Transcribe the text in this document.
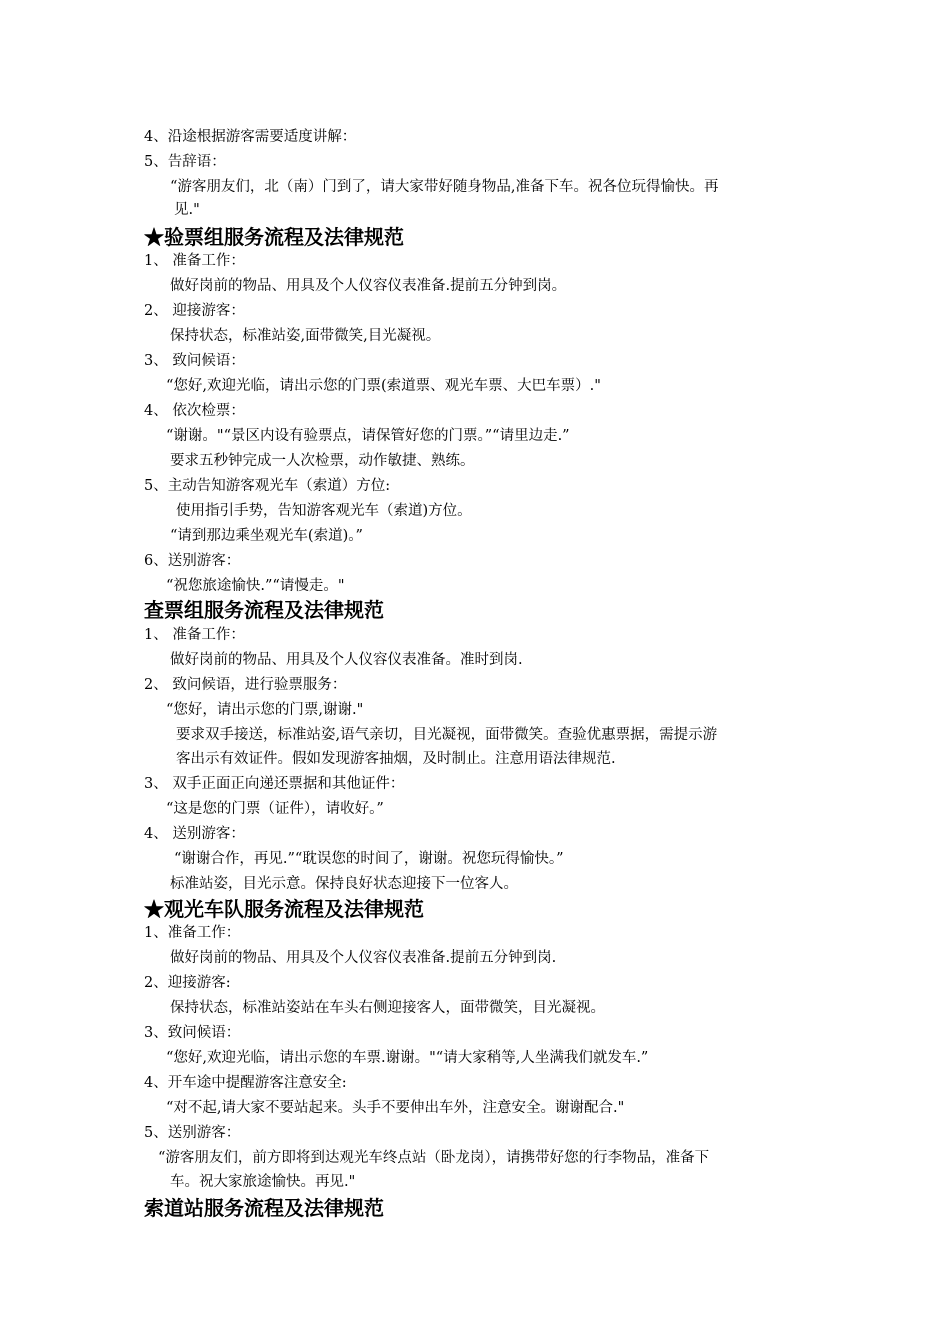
4、沿途根据游客需要适度讲解：
5、告辞语：
“游客朋友们，北（南）门到了，请大家带好随身物品,准备下车。祝各位玩得愉快。再
见."
★验票组服务流程及法律规范
1、 准备工作：
做好岗前的物品、用具及个人仪容仪表准备.提前五分钟到岗。
2、 迎接游客：
保持状态，标准站姿,面带微笑,目光凝视。
3、 致问候语：
“您好,欢迎光临，请出示您的门票(索道票、观光车票、大巴车票）."
4、 依次检票：
“谢谢。"“景区内设有验票点，请保管好您的门票。”“请里边走.”
要求五秒钟完成一人次检票，动作敏捷、熟练。
5、主动告知游客观光车（索道）方位:
使用指引手势，告知游客观光车（索道)方位。
“请到那边乘坐观光车(索道)。”
6、送别游客：
“祝您旅途愉快.”“请慢走。"
查票组服务流程及法律规范
1、 准备工作：
做好岗前的物品、用具及个人仪容仪表准备。准时到岗.
2、 致问候语，进行验票服务：
“您好，请出示您的门票,谢谢."
要求双手接送，标准站姿,语气亲切，目光凝视，面带微笑。查验优惠票据，需提示游
客出示有效证件。假如发现游客抽烟，及时制止。注意用语法律规范.
3、 双手正面正向递还票据和其他证件：
“这是您的门票（证件），请收好。”
4、 送别游客：
“谢谢合作，再见.”“耽误您的时间了，谢谢。祝您玩得愉快。”
标准站姿，目光示意。保持良好状态迎接下一位客人。
★观光车队服务流程及法律规范
1、准备工作：
做好岗前的物品、用具及个人仪容仪表准备.提前五分钟到岗.
2、迎接游客:
保持状态，标准站姿站在车头右侧迎接客人，面带微笑，目光凝视。
3、致问候语：
“您好,欢迎光临，请出示您的车票.谢谢。"“请大家稍等,人坐满我们就发车.”
4、开车途中提醒游客注意安全:
“对不起,请大家不要站起来。头手不要伸出车外，注意安全。谢谢配合."
5、送别游客：
“游客朋友们，前方即将到达观光车终点站（卧龙岗），请携带好您的行李物品，准备下
车。祝大家旅途愉快。再见."
索道站服务流程及法律规范
